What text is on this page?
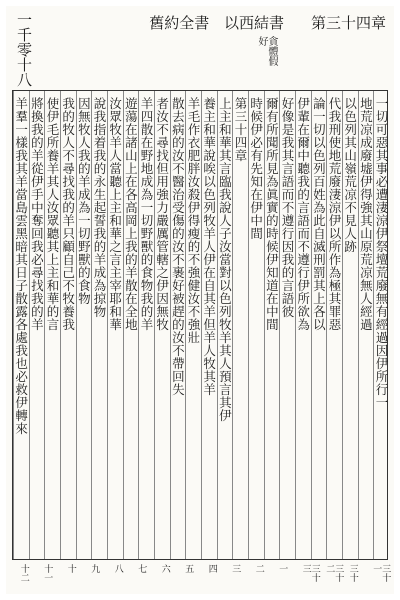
一千零十八	舊約全書 以西結書 第三十四章
貪體假好
一切可惡其事必遭淒涼伊祭壇荒廢無有經過因伊所行一
地荒凉成廢墟伊得強其山原荒凉無人經過
以色列其山嶺荒凉不見人跡
代我刑使地荒廢淒涼伊以所作為極其罪惡
論一切以色列百姓為此自滅刑罰其上各以
伊輩在爾中聽我的言語而不遵行伊所欲為
好像是我其言語而不遵行因我的言語彼
爾有所聞所見為眞實的時候伊知道在中間
時候伊必有先知在伊中間
第三十四章
上主和華其言臨我說人子汝當對以色列牧羊其人預言其伊
養主和華說唉以色列牧羊人伊在自其羊但羊人牧其羊
羊毛作衣肥胖汝殺伊得瘦的不強健汝不強壯
散去病的汝不醫治受傷的汝不裹好被趕的汝不帶回失
者汝不尋找但用強力嚴厲管轄之伊因無牧
羊四散在野地成為一切野獸的食物我的羊
遊蕩在諸山上在各高岡上我的羊散在全地
汝眾牧羊人當聽上主和華之言主宰耶和華
說我指着我的永生起誓我的羊成為掠物
因無牧人我的羊成為一切野獸的食物
我的牧人不尋找我的羊只顧自己不牧養我
使伊毛所養羊其人汝眾聽其上主和華的言
將換我的羊從伊手中奪回我必尋找我的羊
羊羣一樣我其羊當島雲黑暗其日子散露各處我也必救伊轉來
三十一
三十
三十二
三十三
一
二
三
四
五
六
七
八
九
十
十一
十二
